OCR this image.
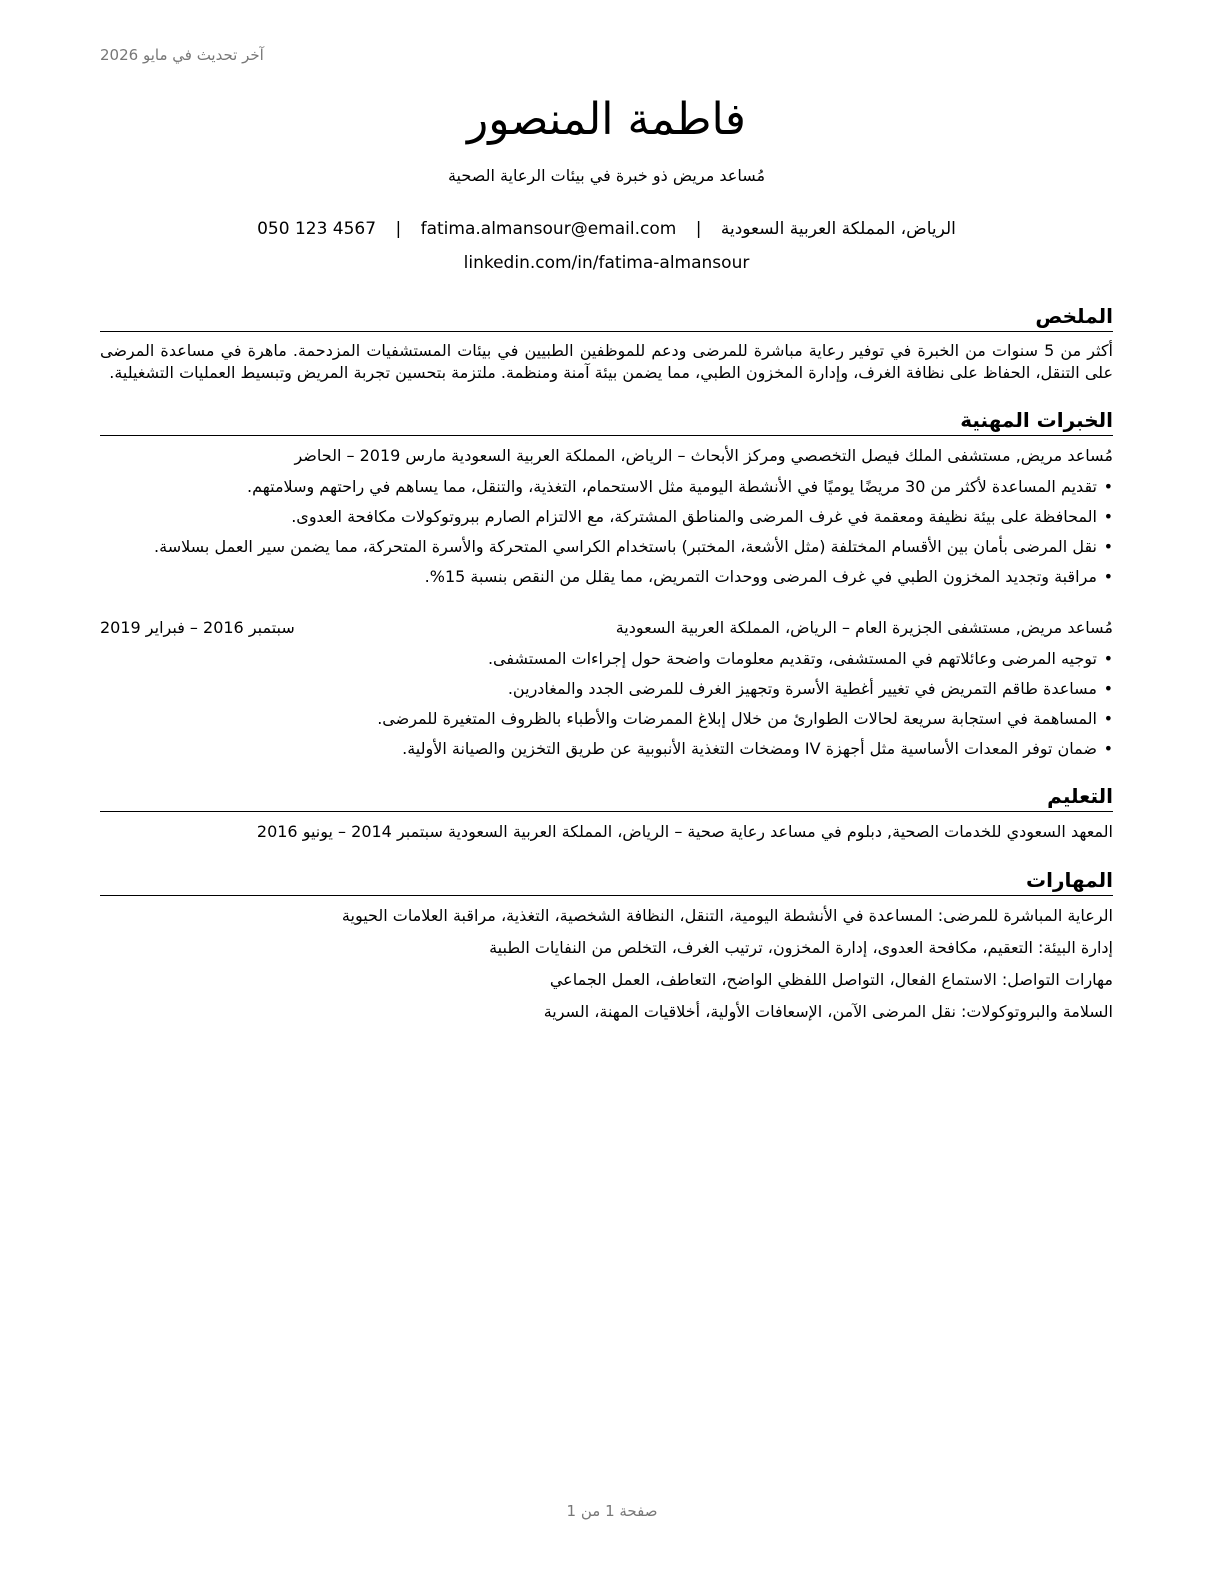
آخر تحديث في مايو 2026
فاطمة المنصور
مُساعد مريض ذو خبرة في بيئات الرعاية الصحية
الرياض، المملكة العربية السعودية | fatima.almansour@email.com | 050 123 4567
linkedin.com/in/fatima-almansour
الملخص

أكثر من 5 سنوات من الخبرة في توفير رعاية مباشرة للمرضى ودعم للموظفين الطبيين في بيئات المستشفيات المزدحمة. ماهرة في مساعدة المرضى على التنقل، الحفاظ على نظافة الغرف، وإدارة المخزون الطبي، مما يضمن بيئة آمنة ومنظمة. ملتزمة بتحسين تجربة المريض وتبسيط العمليات التشغيلية.

الخبرات المهنية
مُساعد مريض, مستشفى الملك فيصل التخصصي ومركز الأبحاث – الرياض، المملكة العربية السعودية مارس 2019 – الحاضر
• تقديم المساعدة لأكثر من 30 مريضًا يوميًا في الأنشطة اليومية مثل الاستحمام، التغذية، والتنقل، مما يساهم في راحتهم وسلامتهم.
• المحافظة على بيئة نظيفة ومعقمة في غرف المرضى والمناطق المشتركة، مع الالتزام الصارم ببروتوكولات مكافحة العدوى.
• نقل المرضى بأمان بين الأقسام المختلفة (مثل الأشعة، المختبر) باستخدام الكراسي المتحركة والأسرة المتحركة، مما يضمن سير العمل بسلاسة.
• مراقبة وتجديد المخزون الطبي في غرف المرضى ووحدات التمريض، مما يقلل من النقص بنسبة 15%.
مُساعد مريض, مستشفى الجزيرة العام – الرياض، المملكة العربية السعودية
سبتمبر 2016 – فبراير 2019
• توجيه المرضى وعائلاتهم في المستشفى، وتقديم معلومات واضحة حول إجراءات المستشفى.
• مساعدة طاقم التمريض في تغيير أغطية الأسرة وتجهيز الغرف للمرضى الجدد والمغادرين.
• المساهمة في استجابة سريعة لحالات الطوارئ من خلال إبلاغ الممرضات والأطباء بالظروف المتغيرة للمرضى.
• ضمان توفر المعدات الأساسية مثل أجهزة IV ومضخات التغذية الأنبوبية عن طريق التخزين والصيانة الأولية.
التعليم
المعهد السعودي للخدمات الصحية, دبلوم في مساعد رعاية صحية – الرياض، المملكة العربية السعودية سبتمبر 2014 – يونيو 2016
المهارات
الرعاية المباشرة للمرضى: المساعدة في الأنشطة اليومية، التنقل، النظافة الشخصية، التغذية، مراقبة العلامات الحيوية
إدارة البيئة: التعقيم، مكافحة العدوى، إدارة المخزون، ترتيب الغرف، التخلص من النفايات الطبية
مهارات التواصل: الاستماع الفعال، التواصل اللفظي الواضح، التعاطف، العمل الجماعي
السلامة والبروتوكولات: نقل المرضى الآمن، الإسعافات الأولية، أخلاقيات المهنة، السرية
صفحة 1 من 1
